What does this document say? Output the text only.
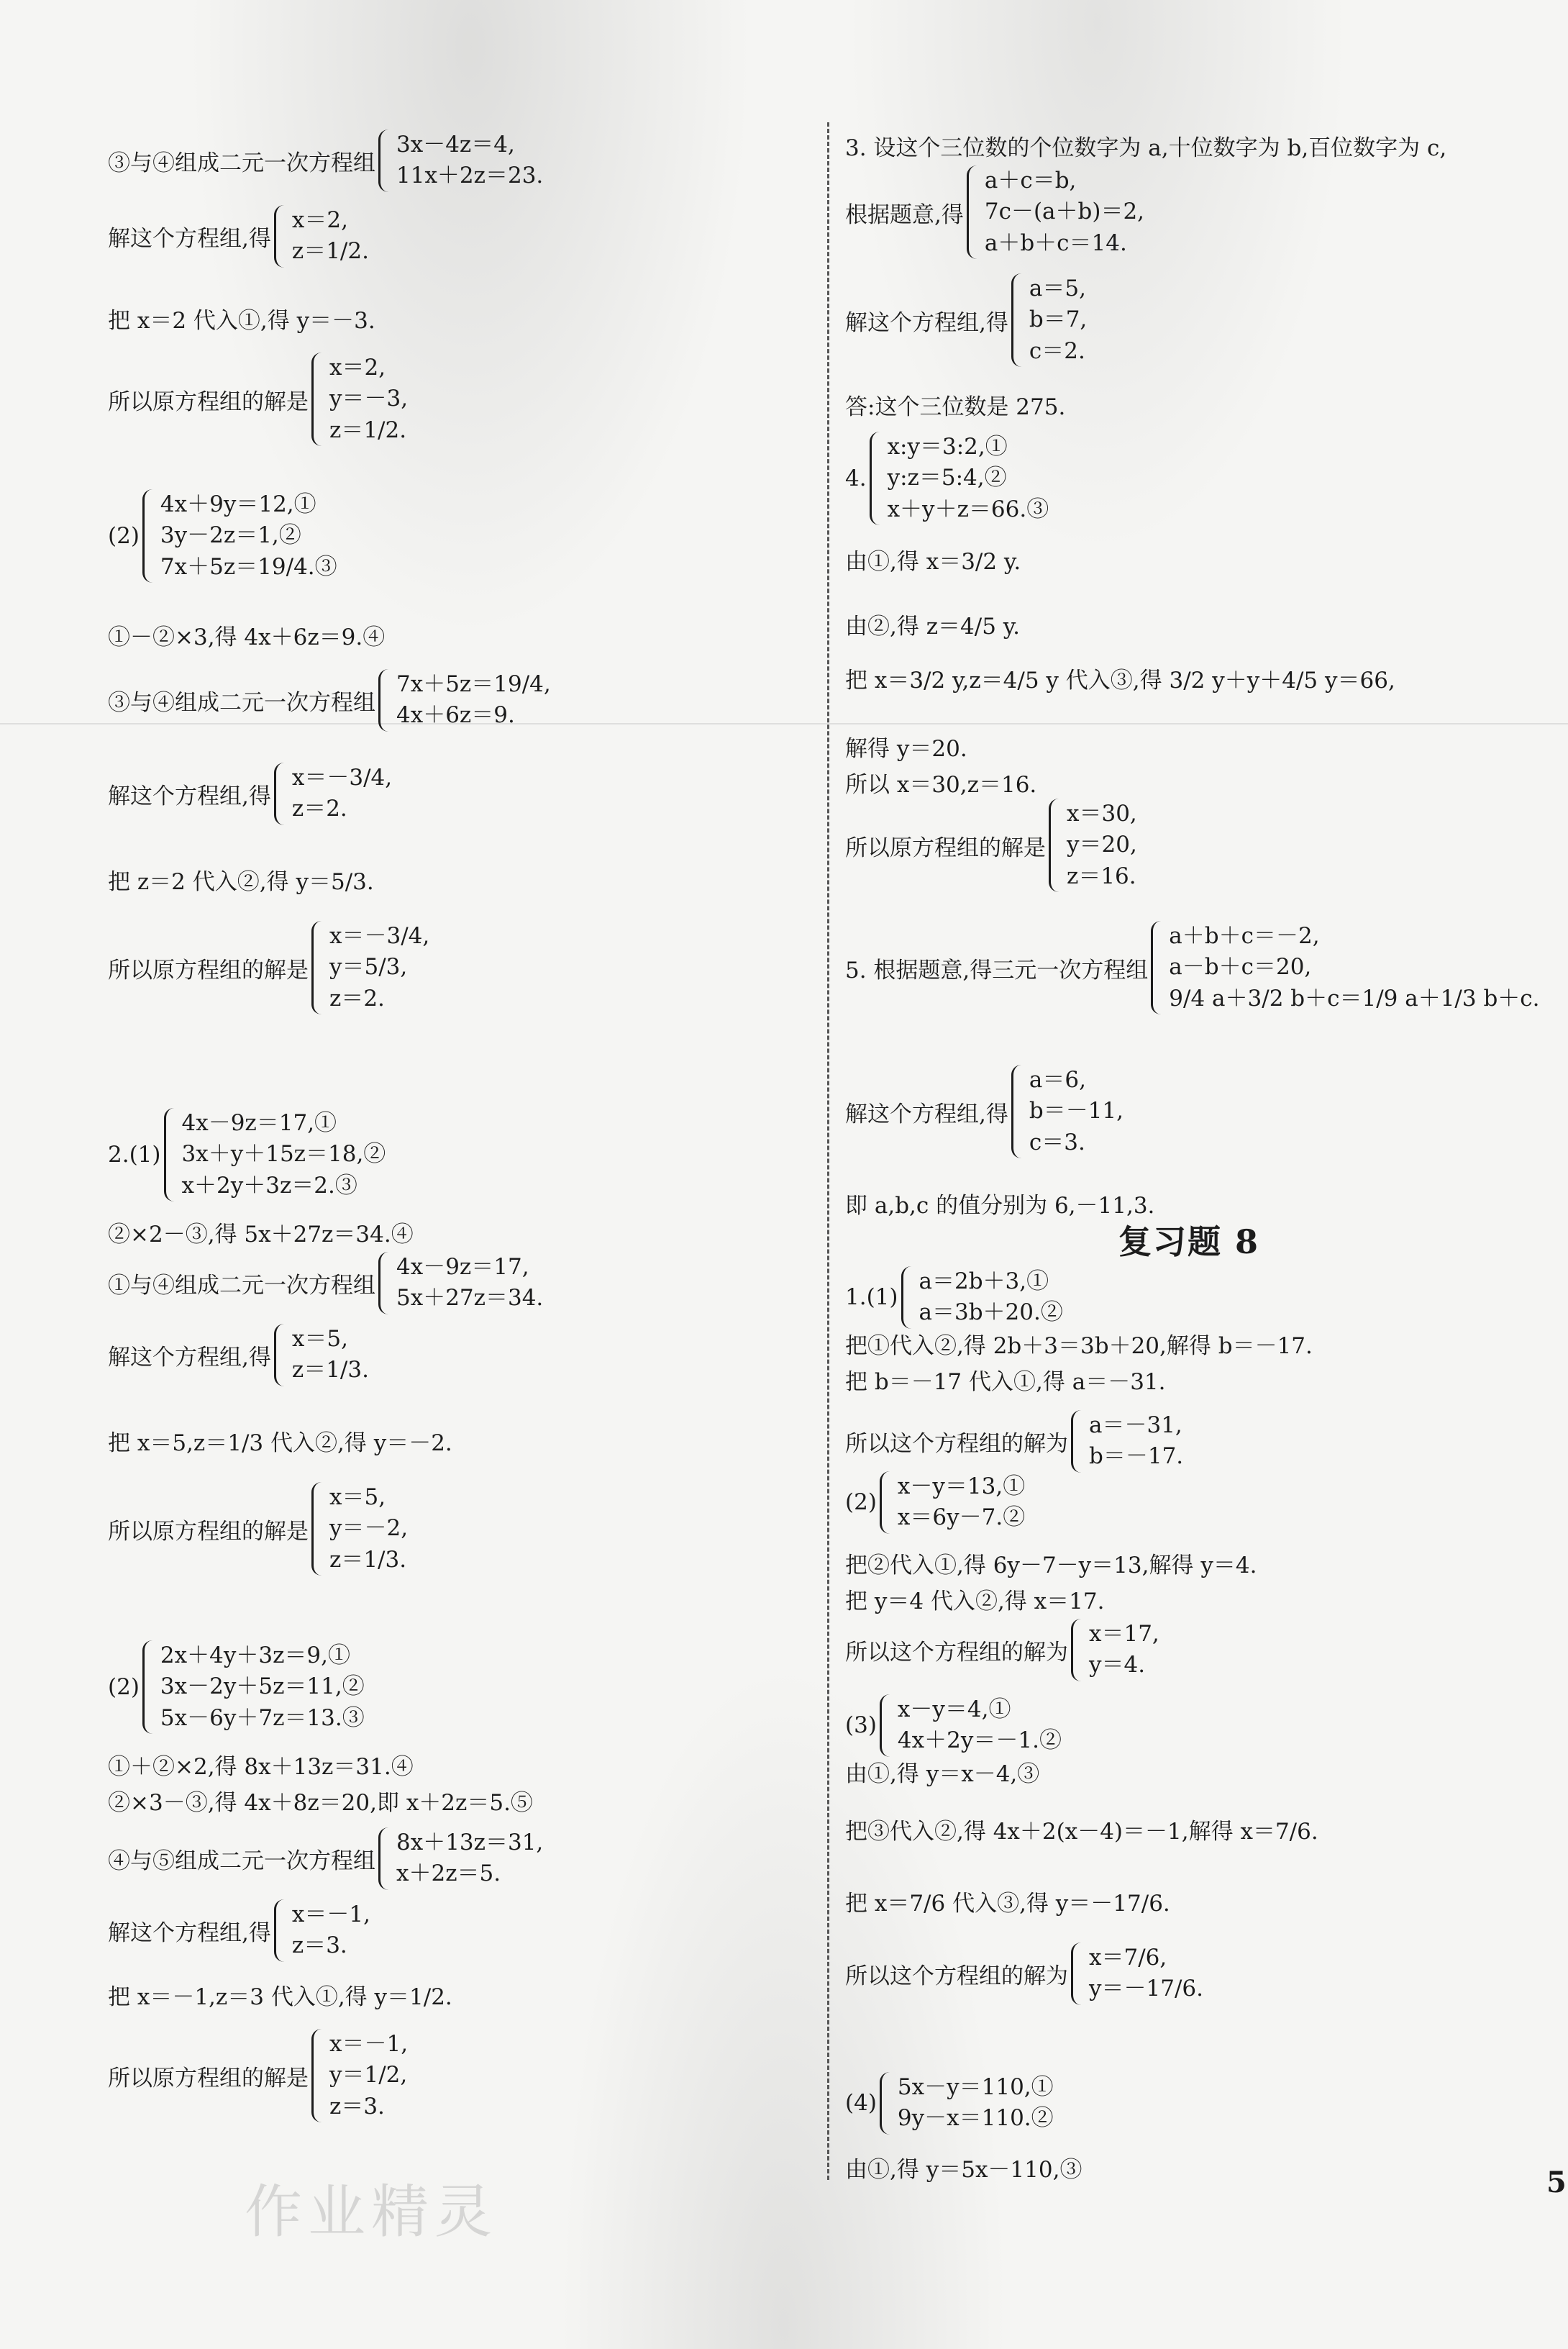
③与④组成二元一次方程组
3x－4z＝4,
11x＋2z＝23.
解这个方程组,得
x＝2,
z＝1/2.
把 x＝2 代入①,得 y＝－3.
所以原方程组的解是
x＝2,
y＝－3,
z＝1/2.
(2)
4x＋9y＝12,①
3y－2z＝1,②
7x＋5z＝19/4.③
①－②×3,得 4x＋6z＝9.④
③与④组成二元一次方程组
7x＋5z＝19/4,
4x＋6z＝9.
解这个方程组,得
x＝－3/4,
z＝2.
把 z＝2 代入②,得 y＝5/3.
所以原方程组的解是
x＝－3/4,
y＝5/3,
z＝2.
2.(1)
4x－9z＝17,①
3x＋y＋15z＝18,②
x＋2y＋3z＝2.③
②×2－③,得 5x＋27z＝34.④
①与④组成二元一次方程组
4x－9z＝17,
5x＋27z＝34.
解这个方程组,得
x＝5,
z＝1/3.
把 x＝5,z＝1/3 代入②,得 y＝－2.
所以原方程组的解是
x＝5,
y＝－2,
z＝1/3.
(2)
2x＋4y＋3z＝9,①
3x－2y＋5z＝11,②
5x－6y＋7z＝13.③
①＋②×2,得 8x＋13z＝31.④
②×3－③,得 4x＋8z＝20,即 x＋2z＝5.⑤
④与⑤组成二元一次方程组
8x＋13z＝31,
x＋2z＝5.
解这个方程组,得
x＝－1,
z＝3.
把 x＝－1,z＝3 代入①,得 y＝1/2.
所以原方程组的解是
x＝－1,
y＝1/2,
z＝3.
3. 设这个三位数的个位数字为 a,十位数字为 b,百位数字为 c,
根据题意,得
a＋c＝b,
7c－(a＋b)＝2,
a＋b＋c＝14.
解这个方程组,得
a＝5,
b＝7,
c＝2.
答:这个三位数是 275.
4.
x:y＝3:2,①
y:z＝5:4,②
x＋y＋z＝66.③
由①,得 x＝3/2 y.
由②,得 z＝4/5 y.
把 x＝3/2 y,z＝4/5 y 代入③,得 3/2 y＋y＋4/5 y＝66,
解得 y＝20.
所以 x＝30,z＝16.
所以原方程组的解是
x＝30,
y＝20,
z＝16.
5. 根据题意,得三元一次方程组
a＋b＋c＝－2,
a－b＋c＝20,
9/4 a＋3/2 b＋c＝1/9 a＋1/3 b＋c.
解这个方程组,得
a＝6,
b＝－11,
c＝3.
即 a,b,c 的值分别为 6,－11,3.
复习题 8
1.(1)
a＝2b＋3,①
a＝3b＋20.②
把①代入②,得 2b＋3＝3b＋20,解得 b＝－17.
把 b＝－17 代入①,得 a＝－31.
所以这个方程组的解为
a＝－31,
b＝－17.
(2)
x－y＝13,①
x＝6y－7.②
把②代入①,得 6y－7－y＝13,解得 y＝4.
把 y＝4 代入②,得 x＝17.
所以这个方程组的解为
x＝17,
y＝4.
(3)
x－y＝4,①
4x＋2y＝－1.②
由①,得 y＝x－4,③
把③代入②,得 4x＋2(x－4)＝－1,解得 x＝7/6.
把 x＝7/6 代入③,得 y＝－17/6.
所以这个方程组的解为
x＝7/6,
y＝－17/6.
(4)
5x－y＝110,①
9y－x＝110.②
由①,得 y＝5x－110,③
作业精灵	5
